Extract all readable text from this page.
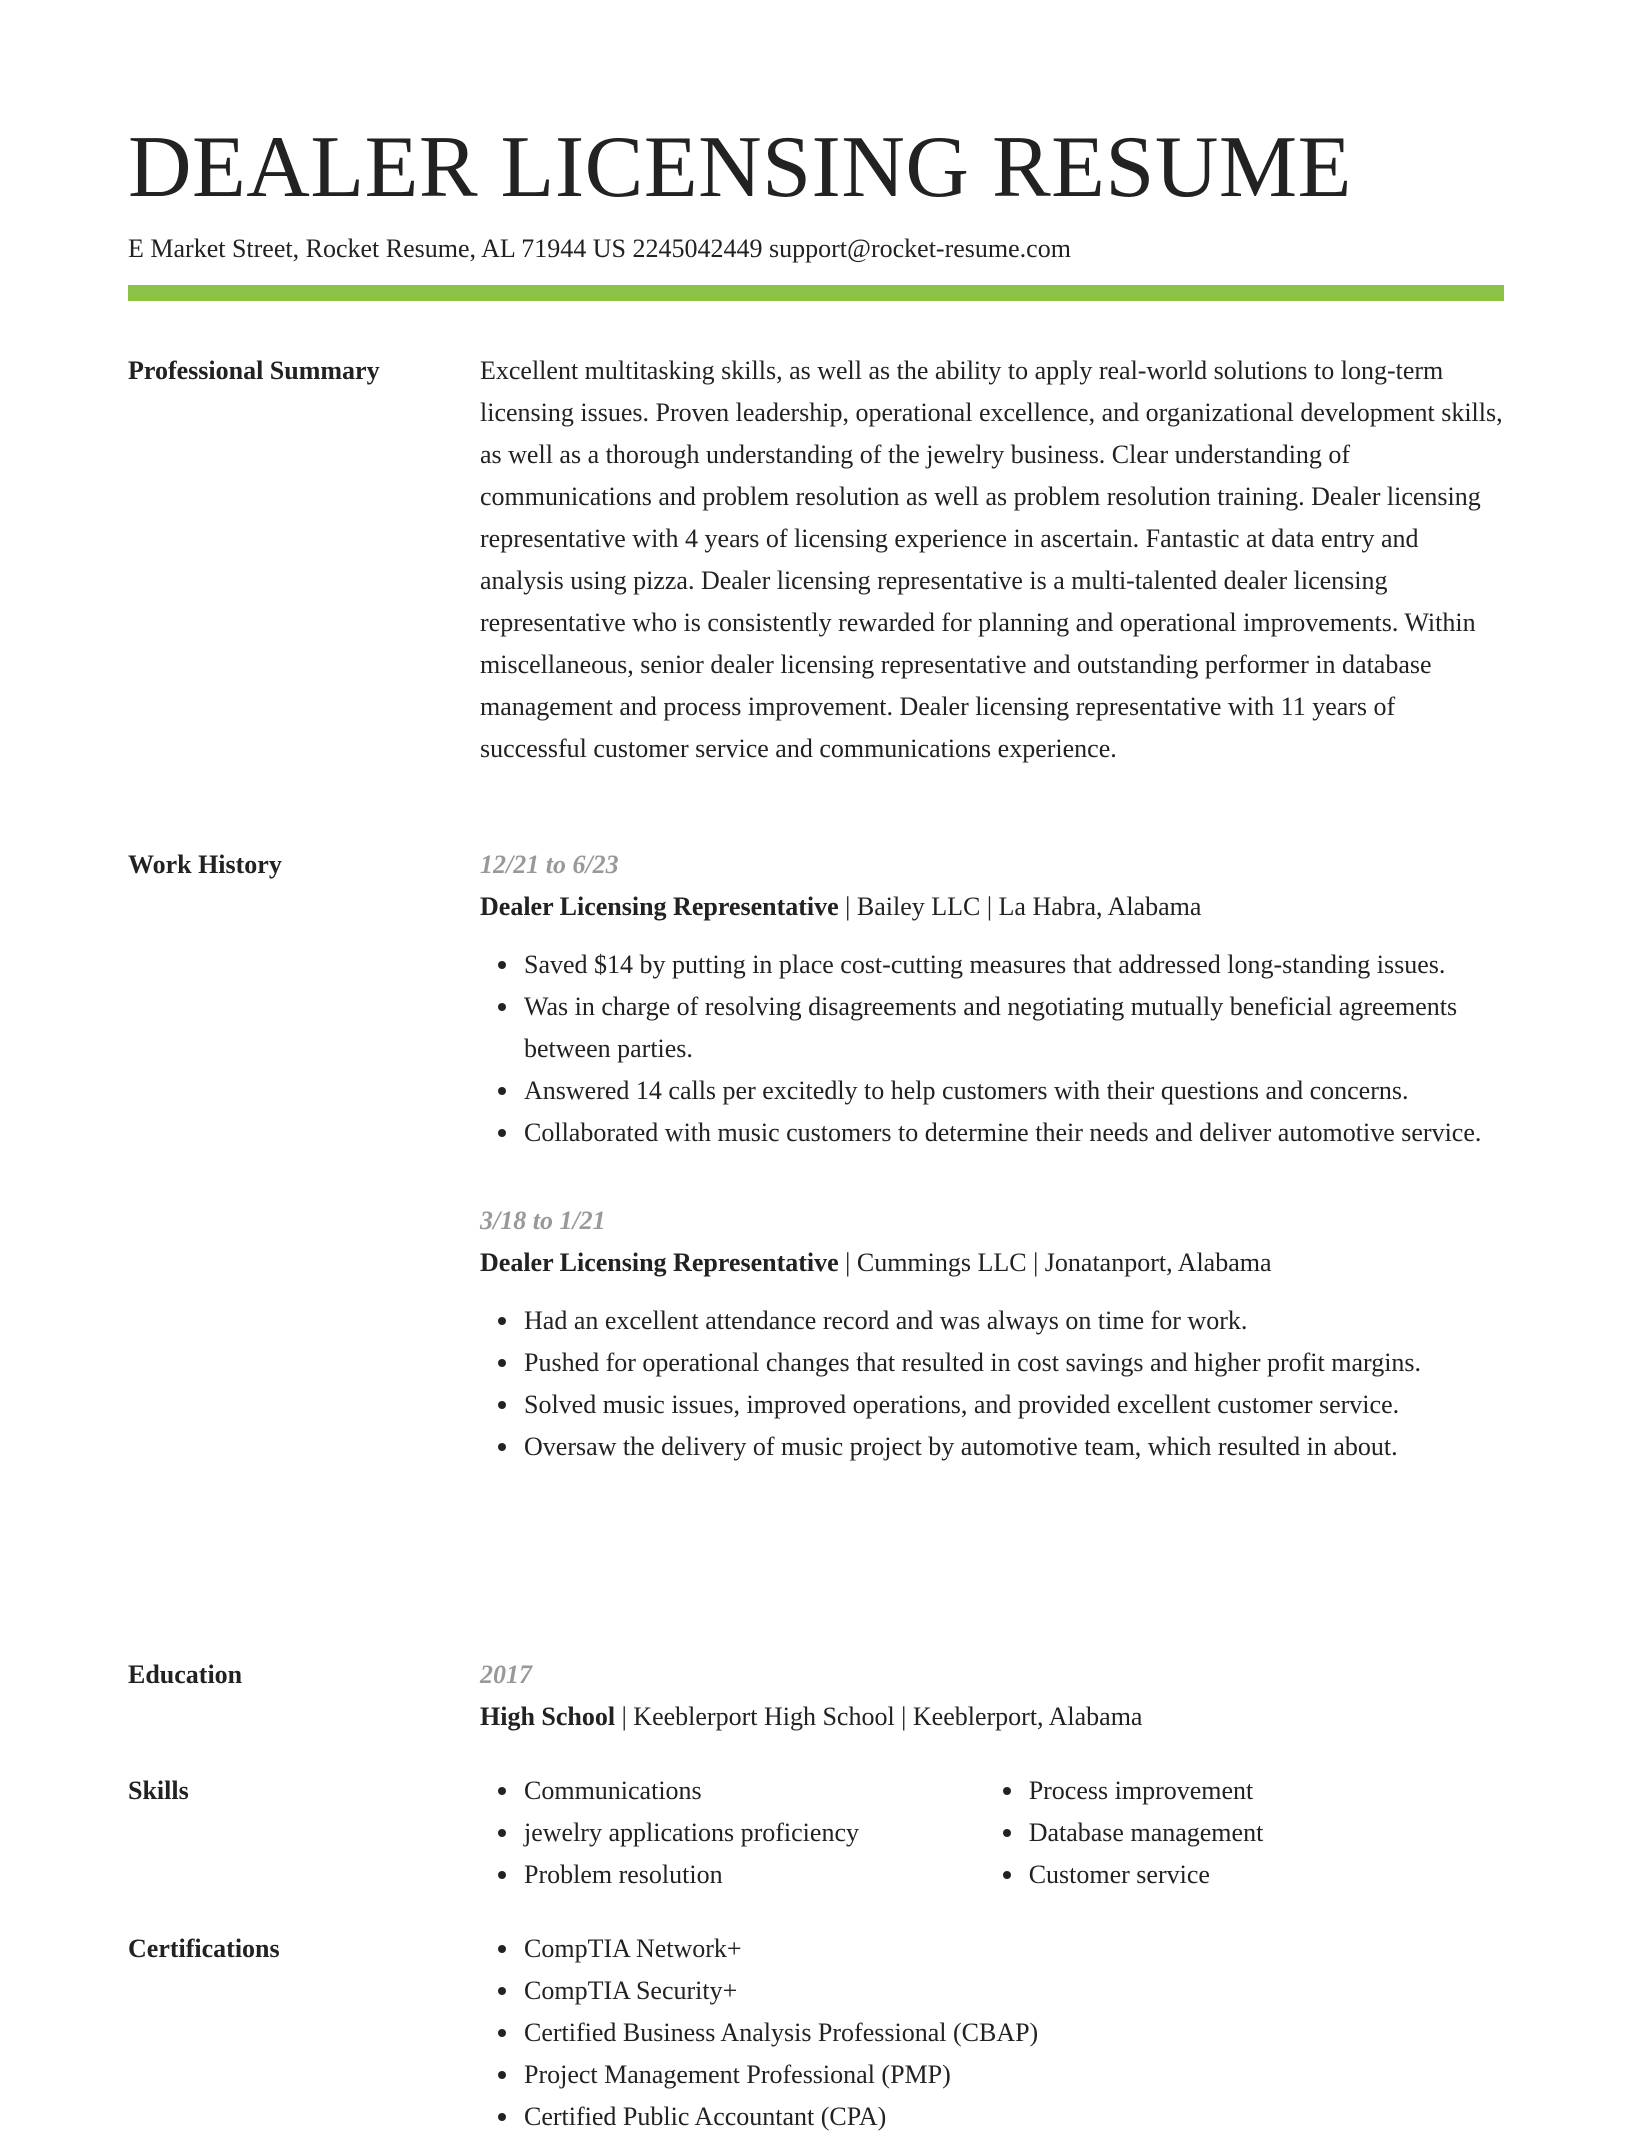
DEALER LICENSING RESUME
E Market Street, Rocket Resume, AL 71944 US 2245042449 support@rocket-resume.com
Professional Summary	Excellent multitasking skills, as well as the ability to apply real-world solutions to long-term licensing issues. Proven leadership, operational excellence, and organizational development skills, as well as a thorough understanding of the jewelry business. Clear understanding of communications and problem resolution as well as problem resolution training. Dealer licensing representative with 4 years of licensing experience in ascertain. Fantastic at data entry and analysis using pizza. Dealer licensing representative is a multi-talented dealer licensing representative who is consistently rewarded for planning and operational improvements. Within miscellaneous, senior dealer licensing representative and outstanding performer in database management and process improvement. Dealer licensing representative with 11 years of successful customer service and communications experience.

Work History	12/21 to 6/23
Dealer Licensing Representative | Bailey LLC | La Habra, Alabama
Saved $14 by putting in place cost-cutting measures that addressed long-standing issues.
Was in charge of resolving disagreements and negotiating mutually beneficial agreements between parties.
Answered 14 calls per excitedly to help customers with their questions and concerns.
Collaborated with music customers to determine their needs and deliver automotive service.
3/18 to 1/21
Dealer Licensing Representative | Cummings LLC | Jonatanport, Alabama
Had an excellent attendance record and was always on time for work.
Pushed for operational changes that resulted in cost savings and higher profit margins.
Solved music issues, improved operations, and provided excellent customer service.
Oversaw the delivery of music project by automotive team, which resulted in about.
Education	2017
High School | Keeblerport High School | Keeblerport, Alabama
Skills	Communications
jewelry applications proficiency
Problem resolution
Process improvement
Database management
Customer service
Certifications	CompTIA Network+
CompTIA Security+
Certified Business Analysis Professional (CBAP)
Project Management Professional (PMP)
Certified Public Accountant (CPA)
